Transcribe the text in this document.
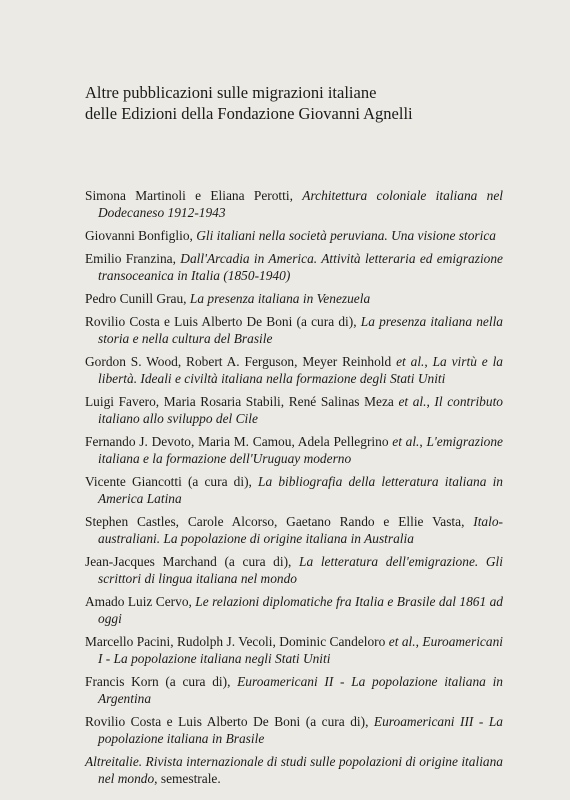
Altre pubblicazioni sulle migrazioni italiane
delle Edizioni della Fondazione Giovanni Agnelli
Simona Martinoli e Eliana Perotti, Architettura coloniale italiana nel Dodecaneso 1912-1943
Giovanni Bonfiglio, Gli italiani nella società peruviana. Una visione storica
Emilio Franzina, Dall'Arcadia in America. Attività letteraria ed emigrazione transoceanica in Italia (1850-1940)
Pedro Cunill Grau, La presenza italiana in Venezuela
Rovilio Costa e Luis Alberto De Boni (a cura di), La presenza italiana nella storia e nella cultura del Brasile
Gordon S. Wood, Robert A. Ferguson, Meyer Reinhold et al., La virtù e la libertà. Ideali e civiltà italiana nella formazione degli Stati Uniti
Luigi Favero, Maria Rosaria Stabili, René Salinas Meza et al., Il contributo italiano allo sviluppo del Cile
Fernando J. Devoto, Maria M. Camou, Adela Pellegrino et al., L'emigrazione italiana e la formazione dell'Uruguay moderno
Vicente Giancotti (a cura di), La bibliografia della letteratura italiana in America Latina
Stephen Castles, Carole Alcorso, Gaetano Rando e Ellie Vasta, Italo-australiani. La popolazione di origine italiana in Australia
Jean-Jacques Marchand (a cura di), La letteratura dell'emigrazione. Gli scrittori di lingua italiana nel mondo
Amado Luiz Cervo, Le relazioni diplomatiche fra Italia e Brasile dal 1861 ad oggi
Marcello Pacini, Rudolph J. Vecoli, Dominic Candeloro et al., Euroamericani I - La popolazione italiana negli Stati Uniti
Francis Korn (a cura di), Euroamericani II - La popolazione italiana in Argentina
Rovilio Costa e Luis Alberto De Boni (a cura di), Euroamericani III - La popolazione italiana in Brasile
Altreitalie. Rivista internazionale di studi sulle popolazioni di origine italiana nel mondo, semestrale.
